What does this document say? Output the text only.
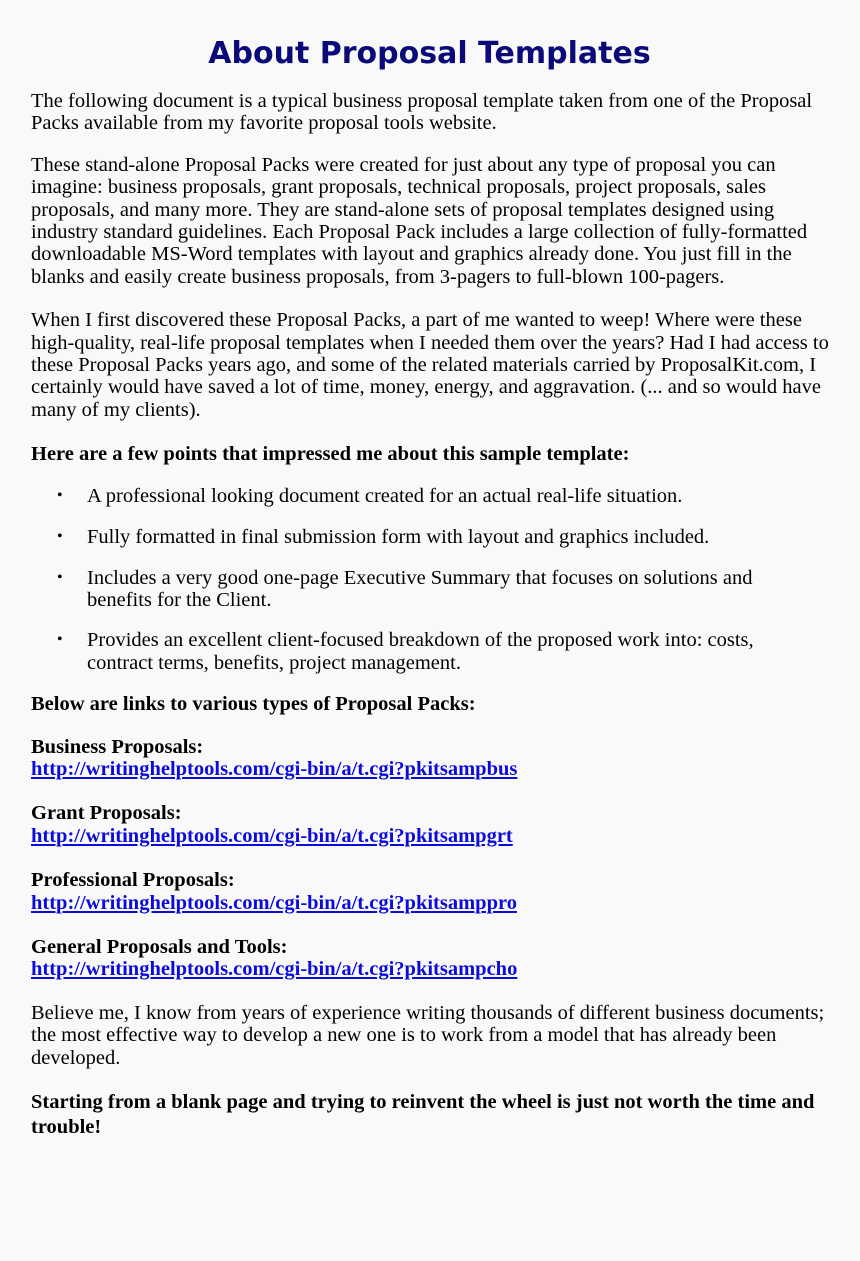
About Proposal Templates

The following document is a typical business proposal template taken from one of the Proposal Packs available from my favorite proposal tools website.

These stand-alone Proposal Packs were created for just about any type of proposal you can imagine: business proposals, grant proposals, technical proposals, project proposals, sales proposals, and many more. They are stand-alone sets of proposal templates designed using industry standard guidelines. Each Proposal Pack includes a large collection of fully-formatted downloadable MS-Word templates with layout and graphics already done. You just fill in the blanks and easily create business proposals, from 3-pagers to full-blown 100-pagers.

When I first discovered these Proposal Packs, a part of me wanted to weep! Where were these high-quality, real-life proposal templates when I needed them over the years? Had I had access to these Proposal Packs years ago, and some of the related materials carried by ProposalKit.com, I certainly would have saved a lot of time, money, energy, and aggravation. (... and so would have many of my clients).

Here are a few points that impressed me about this sample template:

• A professional looking document created for an actual real-life situation.
• Fully formatted in final submission form with layout and graphics included.
• Includes a very good one-page Executive Summary that focuses on solutions and benefits for the Client.
• Provides an excellent client-focused breakdown of the proposed work into: costs, contract terms, benefits, project management.

Below are links to various types of Proposal Packs:

Business Proposals:
http://writinghelptools.com/cgi-bin/a/t.cgi?pkitsampbus
Grant Proposals:
http://writinghelptools.com/cgi-bin/a/t.cgi?pkitsampgrt
Professional Proposals:
http://writinghelptools.com/cgi-bin/a/t.cgi?pkitsamppro
General Proposals and Tools:
http://writinghelptools.com/cgi-bin/a/t.cgi?pkitsampcho

Believe me, I know from years of experience writing thousands of different business documents; the most effective way to develop a new one is to work from a model that has already been developed.

Starting from a blank page and trying to reinvent the wheel is just not worth the time and trouble!
